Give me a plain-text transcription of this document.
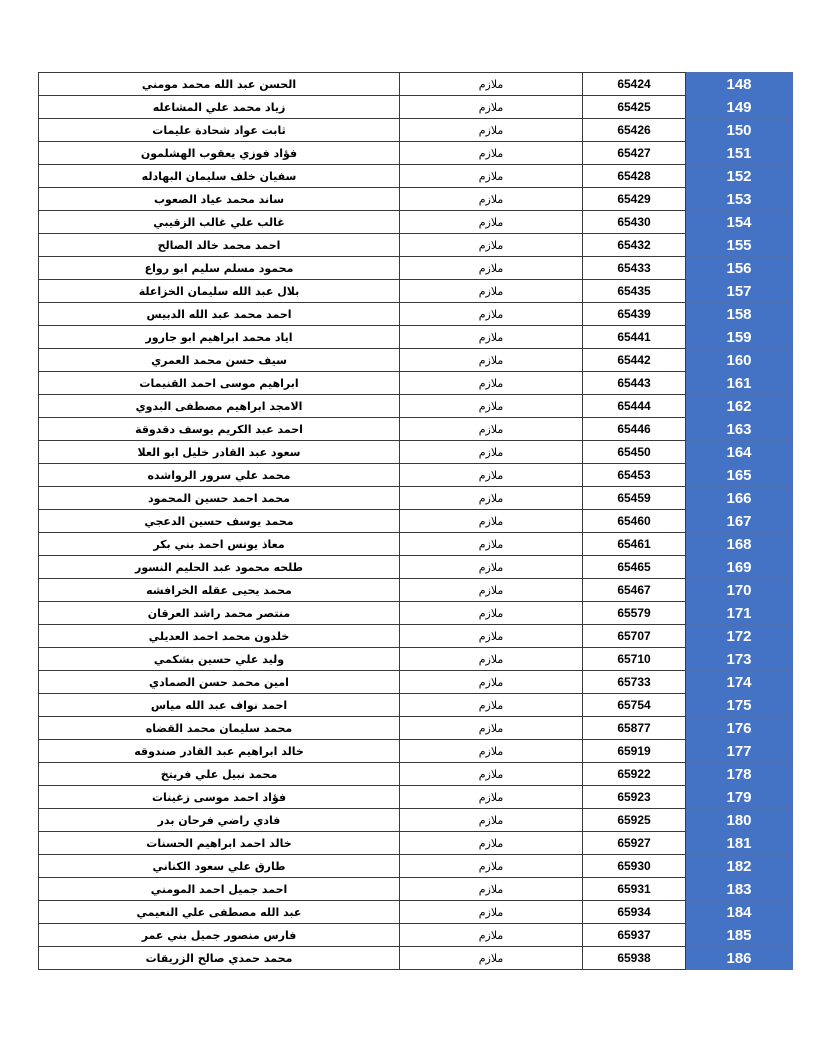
الحسن عبد الله محمد مومني	ملازم	65424	148
زياد محمد علي المشاعله	ملازم	65425	149
ثابت عواد شحادة عليمات	ملازم	65426	150
فؤاد فوزي يعقوب الهشلمون	ملازم	65427	151
سفيان خلف سليمان البهادله	ملازم	65428	152
ساند محمد عياد الصعوب	ملازم	65429	153
غالب علي غالب الزقيبي	ملازم	65430	154
احمد محمد خالد الصالح	ملازم	65432	155
محمود مسلم سليم ابو رواع	ملازم	65433	156
بلال عبد الله سليمان الخزاعلة	ملازم	65435	157
احمد محمد عبد الله الدبيس	ملازم	65439	158
اياد محمد ابراهيم ابو جارور	ملازم	65441	159
سيف حسن محمد العمري	ملازم	65442	160
ابراهيم موسى احمد القنيمات	ملازم	65443	161
الامجد ابراهيم مصطفى البدوي	ملازم	65444	162
احمد عبد الكريم يوسف دقدوقة	ملازم	65446	163
سعود عبد القادر خليل ابو العلا	ملازم	65450	164
محمد علي سرور الرواشده	ملازم	65453	165
محمد احمد حسين المحمود	ملازم	65459	166
محمد يوسف حسين الدعجي	ملازم	65460	167
معاذ يونس احمد بني بكر	ملازم	65461	168
طلحه محمود عبد الحليم النسور	ملازم	65465	169
محمد يحيى عقله الخرافشه	ملازم	65467	170
منتصر محمد راشد العرقان	ملازم	65579	171
خلدون محمد احمد العديلي	ملازم	65707	172
وليد علي حسين بشكمي	ملازم	65710	173
امين محمد حسن الصمادي	ملازم	65733	174
احمد نواف عبد الله مياس	ملازم	65754	175
محمد سليمان محمد القضاه	ملازم	65877	176
خالد ابراهيم عبد القادر صندوقه	ملازم	65919	177
محمد نبيل علي فريتخ	ملازم	65922	178
فؤاد احمد موسى زغينات	ملازم	65923	179
فادي راضي فرحان بدر	ملازم	65925	180
خالد احمد ابراهيم الحسنات	ملازم	65927	181
طارق علي سعود الكناني	ملازم	65930	182
احمد جميل احمد المومني	ملازم	65931	183
عبد الله مصطفى علي النعيمي	ملازم	65934	184
فارس منصور جميل بني عمر	ملازم	65937	185
محمد حمدي صالح الزريقات	ملازم	65938	186
